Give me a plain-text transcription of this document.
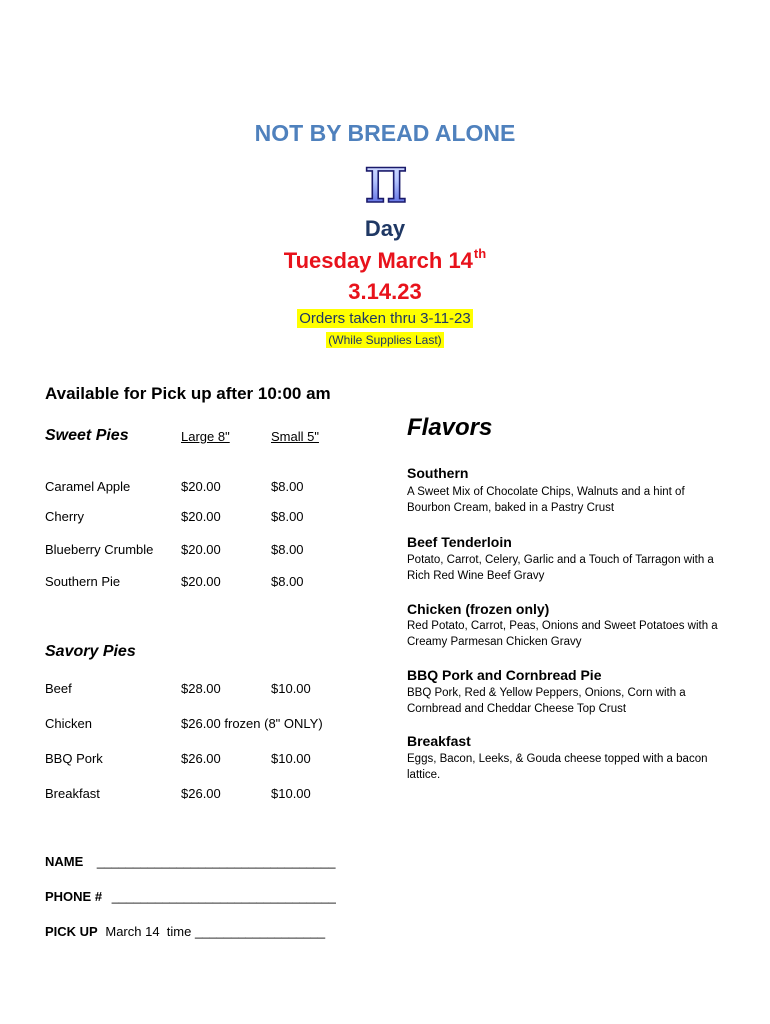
NOT BY BREAD ALONE
π
Day
Tuesday March 14th
3.14.23
Orders taken thru 3-11-23
(While Supplies Last)
Available for Pick up after 10:00 am
Sweet Pies	Large 8"	Small 5"
Caramel Apple	$20.00	$8.00
Cherry	$20.00	$8.00
Blueberry Crumble $20.00	$8.00
Southern Pie	$20.00	$8.00
Savory Pies
Beef	$28.00	$10.00
Chicken	$26.00 frozen (8" ONLY)
BBQ Pork	$26.00	$10.00
Breakfast	$26.00	$10.00
Flavors
Southern
A Sweet Mix of Chocolate Chips, Walnuts and a hint of Bourbon Cream, baked in a Pastry Crust
Beef Tenderloin
Potato, Carrot, Celery, Garlic and a Touch of Tarragon with a Rich Red Wine Beef Gravy
Chicken (frozen only)
Red Potato, Carrot, Peas, Onions and Sweet Potatoes with a Creamy Parmesan Chicken Gravy
BBQ Pork and Cornbread Pie
BBQ Pork, Red & Yellow Peppers, Onions, Corn with a Cornbread and Cheddar Cheese Top Crust
Breakfast
Eggs, Bacon, Leeks, & Gouda cheese topped with a bacon lattice.
NAME _________________________________
PHONE # _______________________________
PICK UP March 14  time __________________
